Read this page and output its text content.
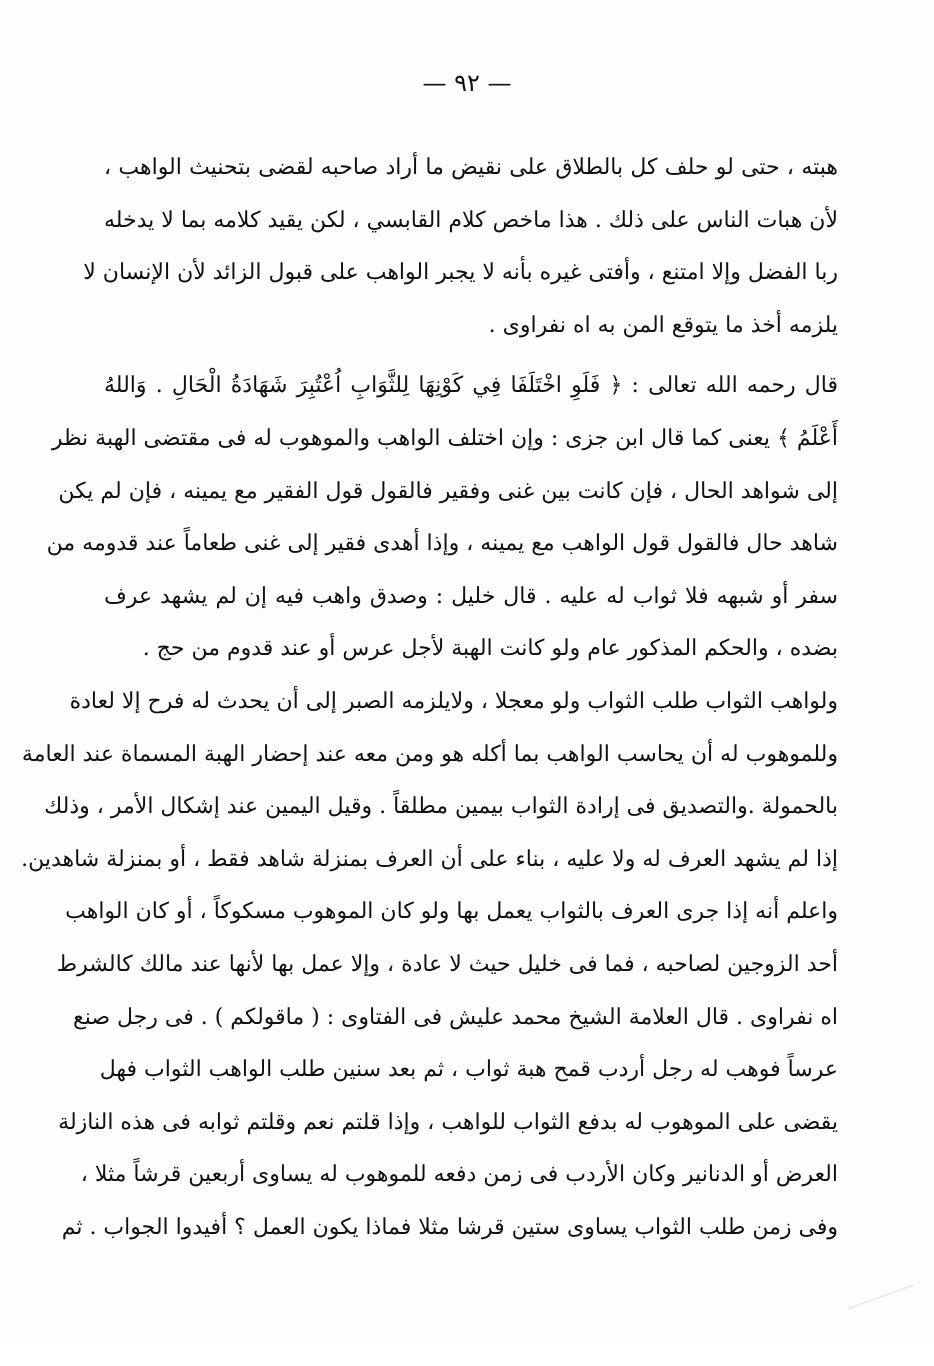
— ٩٢ —
هبته ، حتى لو حلف كل بالطلاق على نقيض ما أراد صاحبه لقضى بتحنيث الواهب ،
لأن هبات الناس على ذلك . هذا ماخص كلام القابسي ، لكن يقيد كلامه بما لا يدخله
ربا الفضل وإلا امتنع ، وأفتى غيره بأنه لا يجبر الواهب على قبول الزائد لأن الإنسان لا
يلزمه أخذ ما يتوقع المن به اه نفراوى .
قال رحمه الله تعالى : ﴿ فَلَوِ اخْتَلَفَا فِي كَوْنِهَا لِلثَّوَابِ اُعْتُبِرَ شَهَادَةُ الْحَالِ . وَاللهُ
أَعْلَمُ ﴾ يعنى كما قال ابن جزى : وإن اختلف الواهب والموهوب له فى مقتضى الهبة نظر
إلى شواهد الحال ، فإن كانت بين غنى وفقير فالقول قول الفقير مع يمينه ، فإن لم يكن
شاهد حال فالقول قول الواهب مع يمينه ، وإذا أهدى فقير إلى غنى طعاماً عند قدومه من
سفر أو شبهه فلا ثواب له عليه . قال خليل : وصدق واهب فيه إن لم يشهد عرف
بضده ، والحكم المذكور عام ولو كانت الهبة لأجل عرس أو عند قدوم من حج .
ولواهب الثواب طلب الثواب ولو معجلا ، ولايلزمه الصبر إلى أن يحدث له فرح إلا لعادة
وللموهوب له أن يحاسب الواهب بما أكله هو ومن معه عند إحضار الهبة المسماة عند العامة
بالحمولة .والتصديق فى إرادة الثواب بيمين مطلقاً . وقيل اليمين عند إشكال الأمر ، وذلك
إذا لم يشهد العرف له ولا عليه ، بناء على أن العرف بمنزلة شاهد فقط ، أو بمنزلة شاهدين.
واعلم أنه إذا جرى العرف بالثواب يعمل بها ولو كان الموهوب مسكوكاً ، أو كان الواهب
أحد الزوجين لصاحبه ، فما فى خليل حيث لا عادة ، وإلا عمل بها لأنها عند مالك كالشرط
اه نفراوى . قال العلامة الشيخ محمد عليش فى الفتاوى : ( ماقولكم ) . فى رجل صنع
عرساً فوهب له رجل أردب قمح هبة ثواب ، ثم بعد سنين طلب الواهب الثواب فهل
يقضى على الموهوب له بدفع الثواب للواهب ، وإذا قلتم نعم وقلتم ثوابه فى هذه النازلة
العرض أو الدنانير وكان الأردب فى زمن دفعه للموهوب له يساوى أربعين قرشاً مثلا ،
وفى زمن طلب الثواب يساوى ستين قرشا مثلا فماذا يكون العمل ؟ أفيدوا الجواب . ثم
